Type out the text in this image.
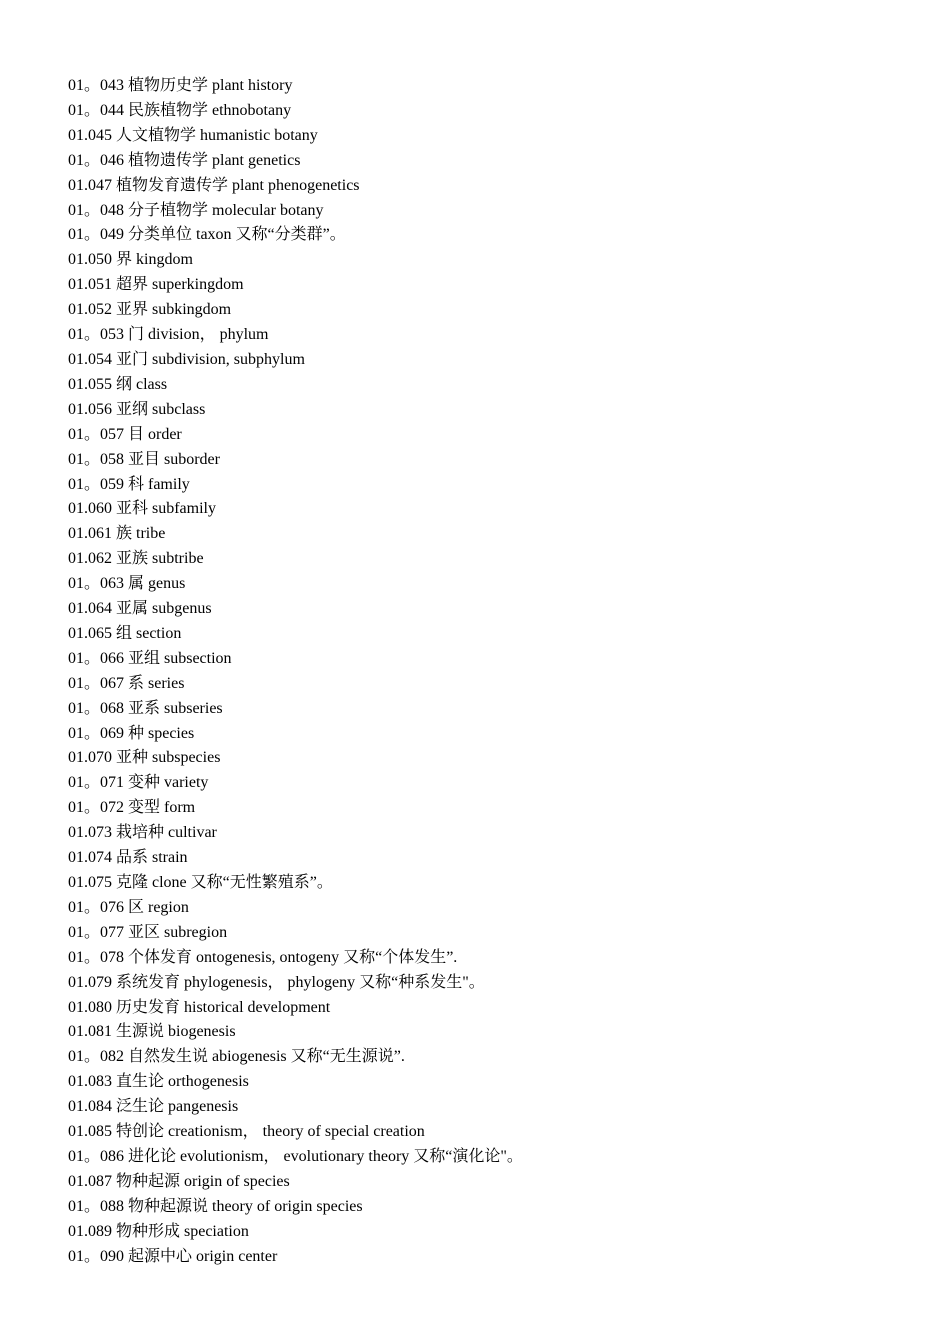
01。043 植物历史学 plant history
01。044 民族植物学 ethnobotany
01.045 人文植物学 humanistic botany
01。046 植物遗传学 plant genetics
01.047 植物发育遗传学 plant phenogenetics
01。048 分子植物学 molecular botany
01。049 分类单位 taxon 又称“分类群”。
01.050 界 kingdom
01.051 超界 superkingdom
01.052 亚界 subkingdom
01。053 门 division， phylum
01.054 亚门 subdivision, subphylum
01.055 纲 class
01.056 亚纲 subclass
01。057 目 order
01。058 亚目 suborder
01。059 科 family
01.060 亚科 subfamily
01.061 族 tribe
01.062 亚族 subtribe
01。063 属 genus
01.064 亚属 subgenus
01.065 组 section
01。066 亚组 subsection
01。067 系 series
01。068 亚系 subseries
01。069 种 species
01.070 亚种 subspecies
01。071 变种 variety
01。072 变型 form
01.073 栽培种 cultivar
01.074 品系 strain
01.075 克隆 clone 又称“无性繁殖系”。
01。076 区 region
01。077 亚区 subregion
01。078 个体发育 ontogenesis, ontogeny 又称“个体发生”.
01.079 系统发育 phylogenesis， phylogeny 又称“种系发生"。
01.080 历史发育 historical development
01.081 生源说 biogenesis
01。082 自然发生说 abiogenesis 又称“无生源说”.
01.083 直生论 orthogenesis
01.084 泛生论 pangenesis
01.085 特创论 creationism， theory of special creation
01。086 进化论 evolutionism， evolutionary theory 又称“演化论"。
01.087 物种起源 origin of species
01。088 物种起源说 theory of origin species
01.089 物种形成 speciation
01。090 起源中心 origin center
